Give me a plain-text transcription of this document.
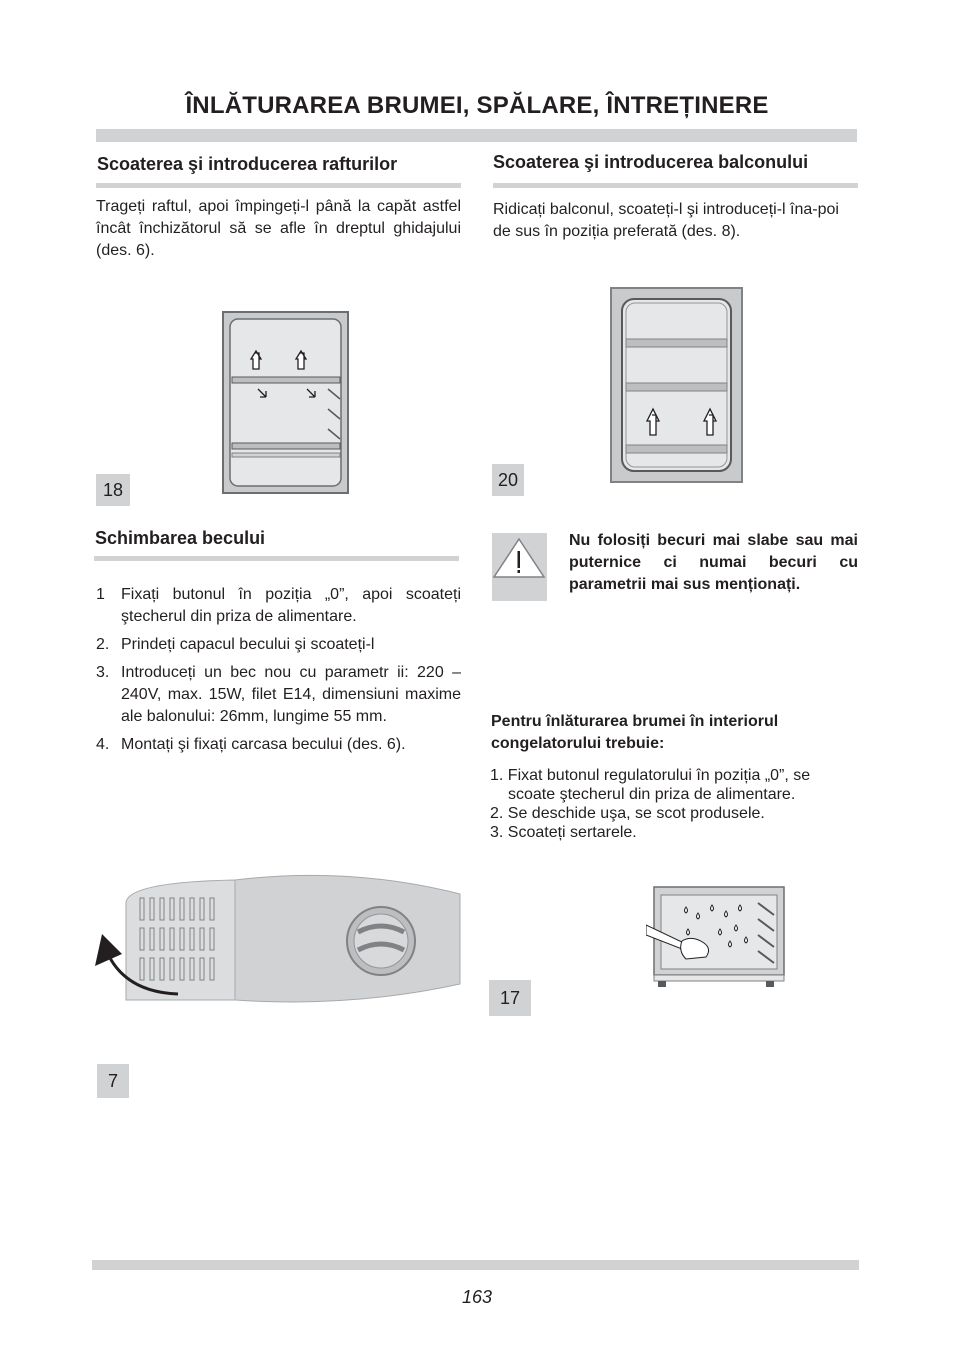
ÎNLĂTURAREA BRUMEI, SPĂLARE, ÎNTREȚINERE
Scoaterea şi introducerea rafturilor
Trageți raftul, apoi împingeți-l până la capăt astfel încât închizătorul să se afle în dreptul ghidajului (des. 6).
18
Schimbarea becului
1	Fixați butonul în poziția „0”, apoi scoateți ştecherul din priza de alimentare.
2. Prindeți capacul becului şi scoateți-l
3. Introduceți un bec nou cu parametr ii: 220 – 240V, max. 15W, filet E14, dimensiuni maxime ale balonului: 26mm, lungime 55 mm.
4. Montați şi fixați carcasa becului (des. 6).
7
Scoaterea şi introducerea balconului
Ridicați balconul, scoateți-l şi introduceți-l îna-poi de sus în poziția preferată (des. 8).
20
Nu folosiți becuri mai slabe sau mai puternice ci numai becuri cu parametrii mai sus menționați.
Pentru înlăturarea brumei în interiorul congelatorului trebuie:
1. Fixat butonul regulatorului în poziția „0”, se
scoate ştecherul din priza de alimentare.
2. Se deschide uşa, se scot produsele.
3. Scoateți sertarele.
17
163
